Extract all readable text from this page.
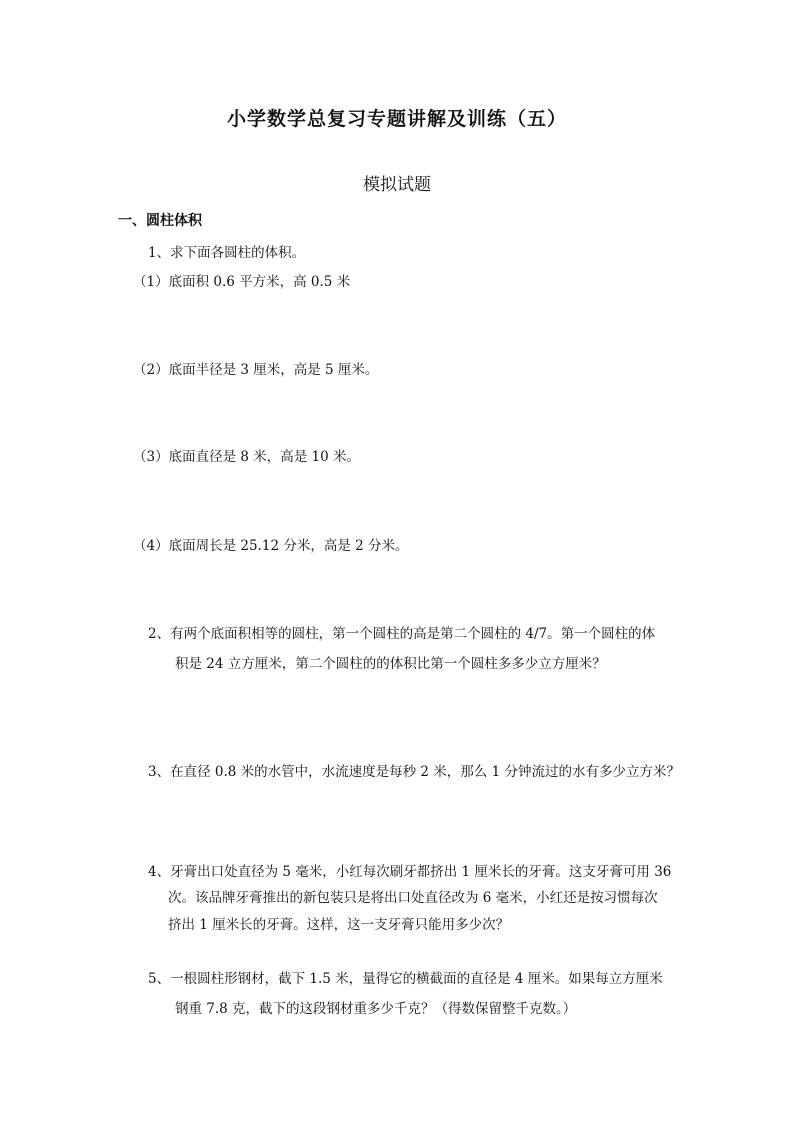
小学数学总复习专题讲解及训练（五）
模拟试题
一、圆柱体积
1、求下面各圆柱的体积。
（1）底面积 0.6 平方米，高 0.5 米
（2）底面半径是 3 厘米，高是 5 厘米。
（3）底面直径是 8 米，高是 10 米。
（4）底面周长是 25.12 分米，高是 2 分米。
2、有两个底面积相等的圆柱，第一个圆柱的高是第二个圆柱的 4/7。第一个圆柱的体
积是 24 立方厘米，第二个圆柱的的体积比第一个圆柱多多少立方厘米？
3、在直径 0.8 米的水管中，水流速度是每秒 2 米，那么 1 分钟流过的水有多少立方米？
4、牙膏出口处直径为 5 毫米，小红每次刷牙都挤出 1 厘米长的牙膏。这支牙膏可用 36
次。该品牌牙膏推出的新包装只是将出口处直径改为 6 毫米，小红还是按习惯每次
挤出 1 厘米长的牙膏。这样，这一支牙膏只能用多少次？
5、一根圆柱形钢材，截下 1.5 米，量得它的横截面的直径是 4 厘米。如果每立方厘米
钢重 7.8 克，截下的这段钢材重多少千克？（得数保留整千克数。）
